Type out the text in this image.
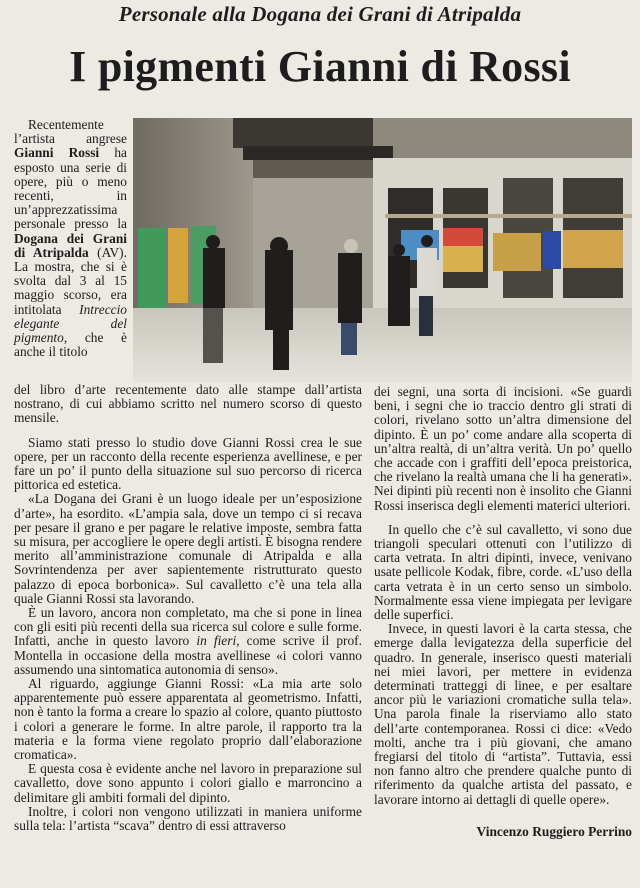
Personale alla Dogana dei Grani di Atripalda
I pigmenti Gianni di Rossi

Recentemente l’artista angrese Gianni Rossi ha esposto una serie di opere, più o meno recenti, in un’apprezzatissima personale presso la Dogana dei Grani di Atripalda (AV). La mostra, che si è svolta dal 3 al 15 maggio scorso, era intitolata Intreccio elegante del pigmento, che è anche il titolo

del libro d’arte recentemente dato alle stampe dall’artista nostrano, di cui abbiamo scritto nel numero scorso di questo mensile.

Siamo stati presso lo studio dove Gianni Rossi crea le sue opere, per un racconto della recente esperienza avellinese, e per fare un po’ il punto della situazione sul suo percorso di ricerca pittorica ed estetica.

«La Dogana dei Grani è un luogo ideale per un’esposizione d’arte», ha esordito. «L’ampia sala, dove un tempo ci si recava per pesare il grano e per pagare le relative imposte, sembra fatta su misura, per accogliere le opere degli artisti. È bisogna rendere merito all’amministrazione comunale di Atripalda e alla Sovrintendenza per aver sapientemente ristrutturato questo palazzo di epoca borbonica». Sul cavalletto c’è una tela alla quale Gianni Rossi sta lavorando.

È un lavoro, ancora non completato, ma che si pone in linea con gli esiti più recenti della sua ricerca sul colore e sulle forme. Infatti, anche in questo lavoro in fieri, come scrive il prof. Montella in occasione della mostra avellinese «i colori vanno assumendo una sintomatica autonomia di senso».

Al riguardo, aggiunge Gianni Rossi: «La mia arte solo apparentemente può essere apparentata al geometrismo. Infatti, non è tanto la forma a creare lo spazio al colore, quanto piuttosto i colori a generare le forme. In altre parole, il rapporto tra la materia e la forma viene regolato proprio dall’elaborazione cromatica».

E questa cosa è evidente anche nel lavoro in preparazione sul cavalletto, dove sono appunto i colori giallo e marroncino a delimitare gli ambiti formali del dipinto.

Inoltre, i colori non vengono utilizzati in maniera uniforme sulla tela: l’artista “scava” dentro di essi attraverso

dei segni, una sorta di incisioni. «Se guardi beni, i segni che io traccio dentro gli strati di colori, rivelano sotto un’altra dimensione del dipinto. È un po’ come andare alla scoperta di un’altra realtà, di un’altra verità. Un po’ quello che accade con i graffiti dell’epoca preistorica, che rivelano la realtà umana che li ha generati». Nei dipinti più recenti non è insolito che Gianni Rossi inserisca degli elementi materici ulteriori.

In quello che c’è sul cavalletto, vi sono due triangoli speculari ottenuti con l’utilizzo di carta vetrata. In altri dipinti, invece, venivano usate pellicole Kodak, fibre, corde. «L’uso della carta vetrata è in un certo senso un simbolo. Normalmente essa viene impiegata per levigare delle superfici.

Invece, in questi lavori è la carta stessa, che emerge dalla levigatezza della superficie del quadro. In generale, inserisco questi materiali nei miei lavori, per mettere in evidenza determinati tratteggi di linee, e per esaltare ancor più le variazioni cromatiche sulla tela». Una parola finale la riserviamo allo stato dell’arte contemporanea. Rossi ci dice: «Vedo molti, anche tra i più giovani, che amano fregiarsi del titolo di “artista”. Tuttavia, essi non fanno altro che prendere qualche punto di riferimento da qualche artista del passato, e lavorare intorno ai dettagli di quelle opere».

Vincenzo Ruggiero Perrino
